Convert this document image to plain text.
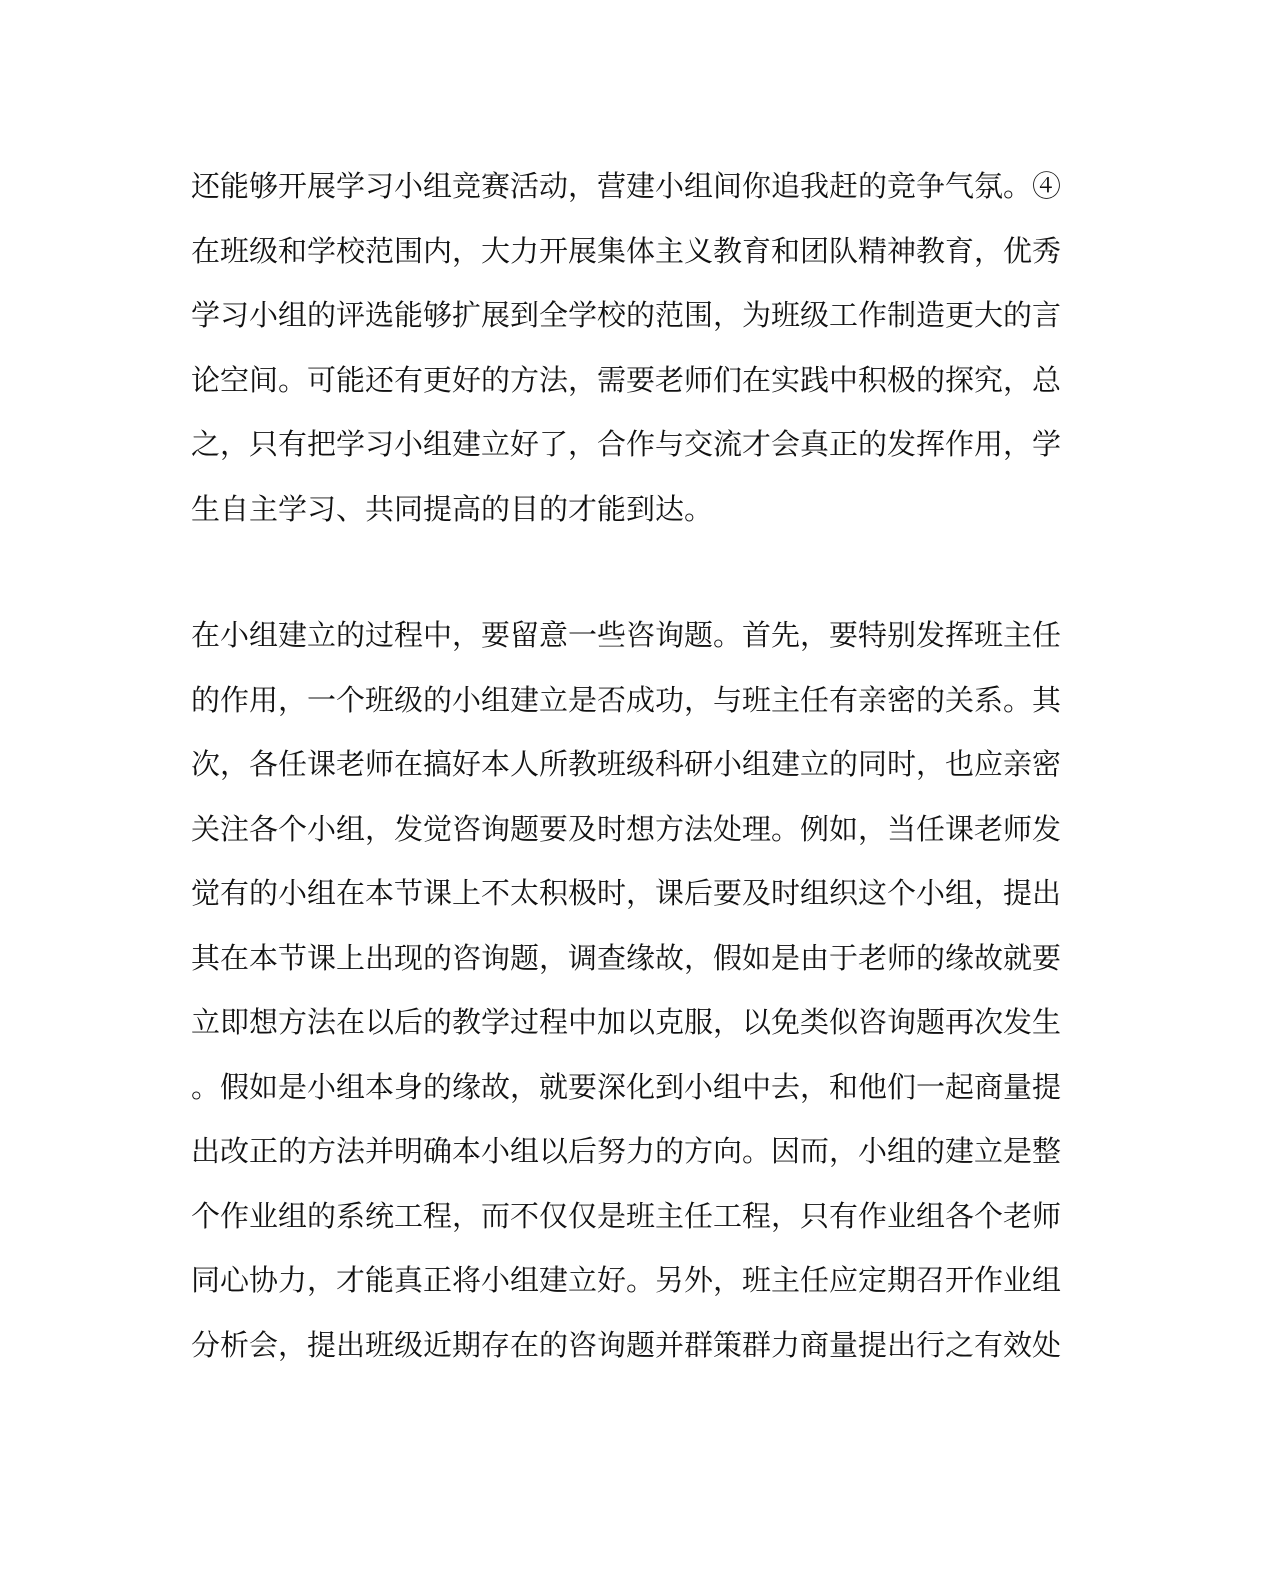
还能够开展学习小组竞赛活动，营建小组间你追我赶的竞争气氛。④
在班级和学校范围内，大力开展集体主义教育和团队精神教育，优秀
学习小组的评选能够扩展到全学校的范围，为班级工作制造更大的言
论空间。可能还有更好的方法，需要老师们在实践中积极的探究，总
之，只有把学习小组建立好了，合作与交流才会真正的发挥作用，学
生自主学习、共同提高的目的才能到达。

在小组建立的过程中，要留意一些咨询题。首先，要特别发挥班主任
的作用，一个班级的小组建立是否成功，与班主任有亲密的关系。其
次，各任课老师在搞好本人所教班级科研小组建立的同时，也应亲密
关注各个小组，发觉咨询题要及时想方法处理。例如，当任课老师发
觉有的小组在本节课上不太积极时，课后要及时组织这个小组，提出
其在本节课上出现的咨询题，调查缘故，假如是由于老师的缘故就要
立即想方法在以后的教学过程中加以克服，以免类似咨询题再次发生
。假如是小组本身的缘故，就要深化到小组中去，和他们一起商量提
出改正的方法并明确本小组以后努力的方向。因而，小组的建立是整
个作业组的系统工程，而不仅仅是班主任工程，只有作业组各个老师
同心协力，才能真正将小组建立好。另外，班主任应定期召开作业组
分析会，提出班级近期存在的咨询题并群策群力商量提出行之有效处
